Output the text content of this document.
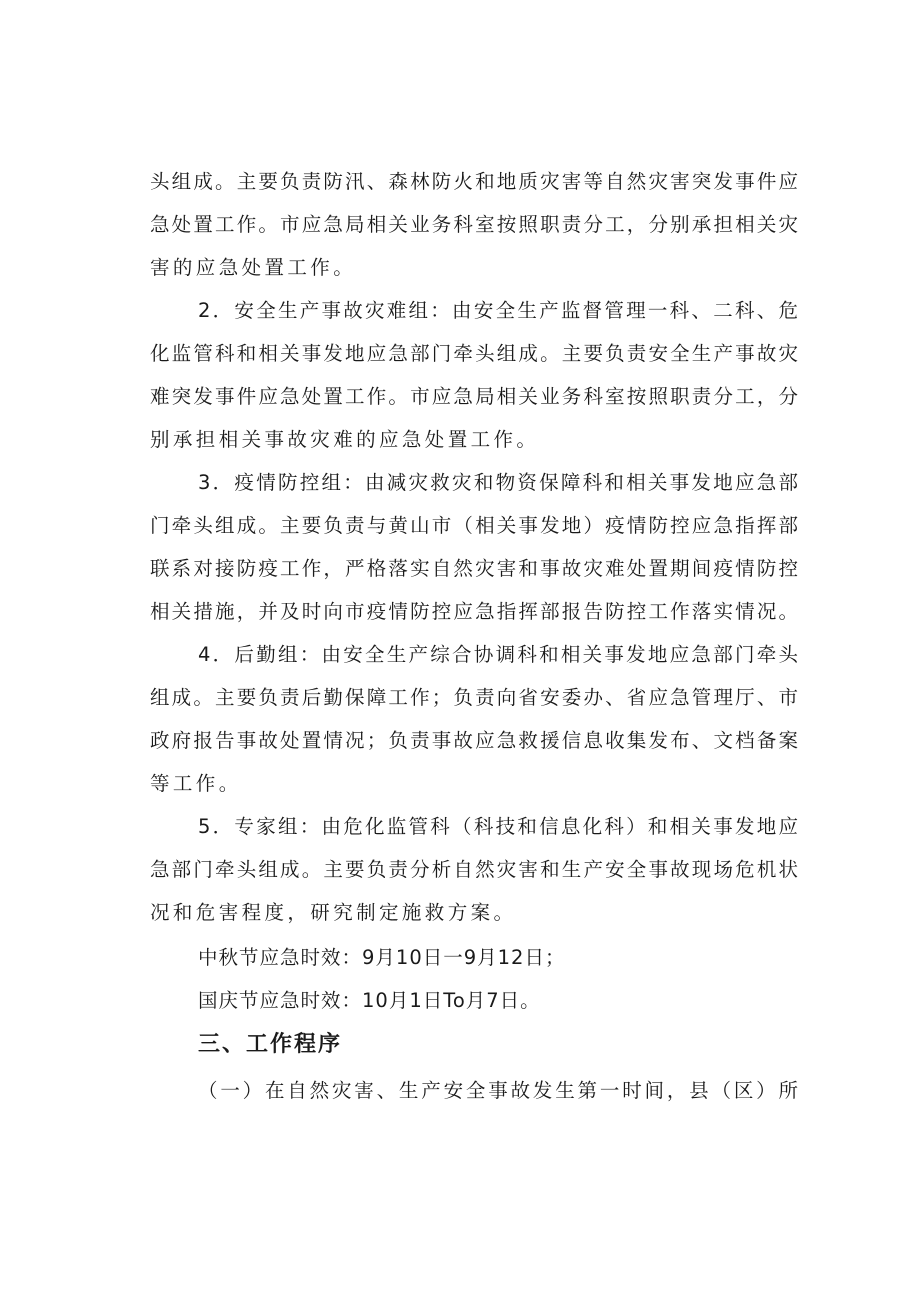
头组成。主要负责防汛、森林防火和地质灾害等自然灾害突发事件应
急处置工作。市应急局相关业务科室按照职责分工，分别承担相关灾
害的应急处置工作。
2．安全生产事故灾难组：由安全生产监督管理一科、二科、危
化监管科和相关事发地应急部门牵头组成。主要负责安全生产事故灾
难突发事件应急处置工作。市应急局相关业务科室按照职责分工，分
别承担相关事故灾难的应急处置工作。
3．疫情防控组：由减灾救灾和物资保障科和相关事发地应急部
门牵头组成。主要负责与黄山市（相关事发地）疫情防控应急指挥部
联系对接防疫工作，严格落实自然灾害和事故灾难处置期间疫情防控
相关措施，并及时向市疫情防控应急指挥部报告防控工作落实情况。
4．后勤组：由安全生产综合协调科和相关事发地应急部门牵头
组成。主要负责后勤保障工作；负责向省安委办、省应急管理厅、市
政府报告事故处置情况；负责事故应急救援信息收集发布、文档备案
等工作。
5．专家组：由危化监管科（科技和信息化科）和相关事发地应
急部门牵头组成。主要负责分析自然灾害和生产安全事故现场危机状
况和危害程度，研究制定施救方案。
中秋节应急时效：9月10日一9月12日；
国庆节应急时效：10月1日To月7日。
三、工作程序
（一）在自然灾害、生产安全事故发生第一时间，县（区）所
